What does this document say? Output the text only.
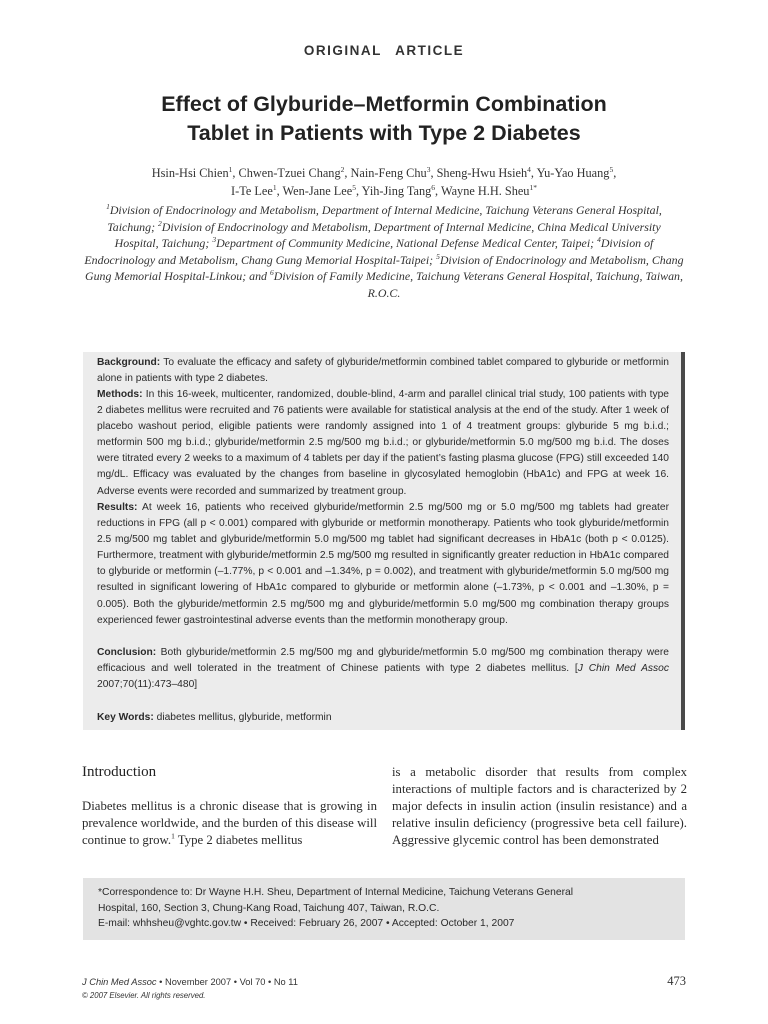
ORIGINAL ARTICLE
Effect of Glyburide–Metformin Combination
Tablet in Patients with Type 2 Diabetes
Hsin-Hsi Chien$^1$, Chwen-Tzuei Chang$^2$, Nain-Feng Chu$^3$, Sheng-Hwu Hsieh$^4$, Yu-Yao Huang$^5$,
I-Te Lee$^1$, Wen-Jane Lee$^5$, Yih-Jing Tang$^6$, Wayne H.H. Sheu$^{1*}$
$^1$Division of Endocrinology and Metabolism, Department of Internal Medicine, Taichung Veterans General Hospital, Taichung; $^2$Division of Endocrinology and Metabolism, Department of Internal Medicine, China Medical University Hospital, Taichung; $^3$Department of Community Medicine, National Defense Medical Center, Taipei; $^4$Division of Endocrinology and Metabolism, Chang Gung Memorial Hospital-Taipei; $^5$Division of Endocrinology and Metabolism, Chang Gung Memorial Hospital-Linkou; and $^6$Division of Family Medicine, Taichung Veterans General Hospital, Taichung, Taiwan, R.O.C.
Background: To evaluate the efficacy and safety of glyburide/metformin combined tablet compared to glyburide or metformin alone in patients with type 2 diabetes.
Methods: In this 16-week, multicenter, randomized, double-blind, 4-arm and parallel clinical trial study, 100 patients with type 2 diabetes mellitus were recruited and 76 patients were available for statistical analysis at the end of the study. After 1 week of placebo washout period, eligible patients were randomly assigned into 1 of 4 treatment groups: glyburide 5 mg b.i.d.; metformin 500 mg b.i.d.; glyburide/metformin 2.5 mg/500 mg b.i.d.; or glyburide/metformin 5.0 mg/500 mg b.i.d. The doses were titrated every 2 weeks to a maximum of 4 tablets per day if the patient’s fasting plasma glucose (FPG) still exceeded 140 mg/dL. Efficacy was evaluated by the changes from baseline in glycosylated hemoglobin (HbA1c) and FPG at week 16. Adverse events were recorded and summarized by treatment group.
Results: At week 16, patients who received glyburide/metformin 2.5 mg/500 mg or 5.0 mg/500 mg tablets had greater reductions in FPG (all p < 0.001) compared with glyburide or metformin monotherapy. Patients who took glyburide/metformin 2.5 mg/500 mg tablet and glyburide/metformin 5.0 mg/500 mg tablet had significant decreases in HbA1c (both p < 0.0125). Furthermore, treatment with glyburide/metformin 2.5 mg/500 mg resulted in significantly greater reduction in HbA1c compared to glyburide or metformin (–1.77%, p < 0.001 and –1.34%, p = 0.002), and treatment with glyburide/metformin 5.0 mg/500 mg resulted in significant lowering of HbA1c compared to glyburide or metformin alone (–1.73%, p < 0.001 and –1.30%, p = 0.005). Both the glyburide/metformin 2.5 mg/500 mg and glyburide/metformin 5.0 mg/500 mg combination therapy groups experienced fewer gastrointestinal adverse events than the metformin monotherapy group.
Conclusion: Both glyburide/metformin 2.5 mg/500 mg and glyburide/metformin 5.0 mg/500 mg combination therapy were efficacious and well tolerated in the treatment of Chinese patients with type 2 diabetes mellitus. [J Chin Med Assoc 2007;70(11):473–480]
Key Words: diabetes mellitus, glyburide, metformin
Introduction
Diabetes mellitus is a chronic disease that is growing in prevalence worldwide, and the burden of this disease will continue to grow.$^1$ Type 2 diabetes mellitus
is a metabolic disorder that results from complex interactions of multiple factors and is characterized by 2 major defects in insulin action (insulin resistance) and a relative insulin deficiency (progressive beta cell failure). Aggressive glycemic control has been demonstrated
*Correspondence to: Dr Wayne H.H. Sheu, Department of Internal Medicine, Taichung Veterans General
Hospital, 160, Section 3, Chung-Kang Road, Taichung 407, Taiwan, R.O.C.
E-mail: whhsheu@vghtc.gov.tw • Received: February 26, 2007 • Accepted: October 1, 2007
J Chin Med Assoc • November 2007 • Vol 70 • No 11
© 2007 Elsevier. All rights reserved.
473
